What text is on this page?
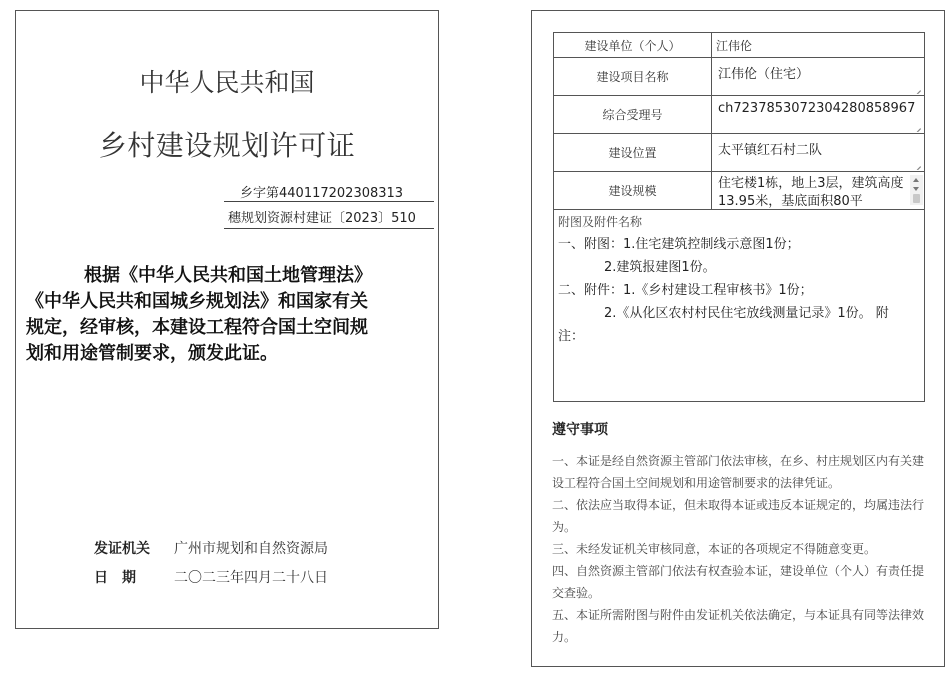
中华人民共和国
乡村建设规划许可证
乡字第440117202308313
穗规划资源村建证〔2023〕510
根据《中华人民共和国土地管理法》
《中华人民共和国城乡规划法》和国家有关
规定，经审核，本建设工程符合国土空间规
划和用途管制要求，颁发此证。
发证机关 广州市规划和自然资源局
日　期	二〇二三年四月二十八日
建设单位（个人）	江伟伦
建设项目名称	江伟伦（住宅）

综合受理号	ch7237853072304280858967

建设位置	太平镇红石村二队

建设规模	住宅楼1栋，地上3层，建筑高度13.95米，基底面积80平
附图及附件名称
一、附图：1.住宅建筑控制线示意图1份；
2.建筑报建图1份。
二、附件：1.《乡村建设工程审核书》1份；
2.《从化区农村村民住宅放线测量记录》1份。 附
注：
遵守事项

一、本证是经自然资源主管部门依法审核，在乡、村庄规划区内有关建设工程符合国土空间规划和用途管制要求的法律凭证。

二、依法应当取得本证，但未取得本证或违反本证规定的，均属违法行为。

三、未经发证机关审核同意，本证的各项规定不得随意变更。

四、自然资源主管部门依法有权查验本证，建设单位（个人）有责任提交查验。

五、本证所需附图与附件由发证机关依法确定，与本证具有同等法律效力。
